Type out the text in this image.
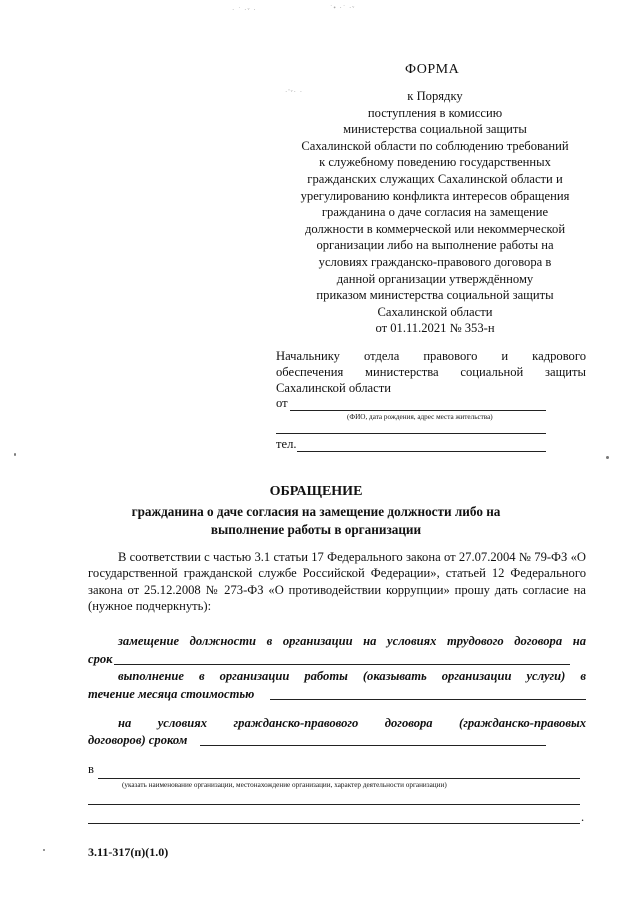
· ˙ ·ᵛ ·	˙• ·˙ ·ᵛ
·'ᵛ· ·
ФОРМА
к Порядку
поступления в комиссию
министерства социальной защиты
Сахалинской области по соблюдению требований
к служебному поведению государственных
гражданских служащих Сахалинской области и
урегулированию конфликта интересов обращения
гражданина о даче согласия на замещение
должности в коммерческой или некоммерческой
организации либо на выполнение работы на
условиях гражданско-правового договора в
данной организации утверждённому
приказом министерства социальной защиты
Сахалинской области
от 01.11.2021 № 353-н
Начальнику отдела правового и кадрового
обеспечения министерства социальной защиты
Сахалинской области
от
(ФИО, дата рождения, адрес места жительства)
тел.
ОБРАЩЕНИЕ
гражданина о даче согласия на замещение должности либо на
выполнение работы в организации
В соответствии с частью 3.1 статьи 17 Федерального закона от 27.07.2004 № 79-ФЗ «О государственной гражданской службе Российской Федерации», статьей 12 Федерального закона от 25.12.2008 № 273-ФЗ «О противодействии коррупции» прошу дать согласие на (нужное подчеркнуть):
замещение должности в организации на условиях трудового договора на
срок
выполнение в организации работы (оказывать организации услуги) в
течение месяца стоимостью
на условиях гражданско-правового договора (гражданско-правовых
договоров) сроком
в
(указать наименование организации, местонахождение организации, характер деятельности организации)
.
3.11-317(п)(1.0)
